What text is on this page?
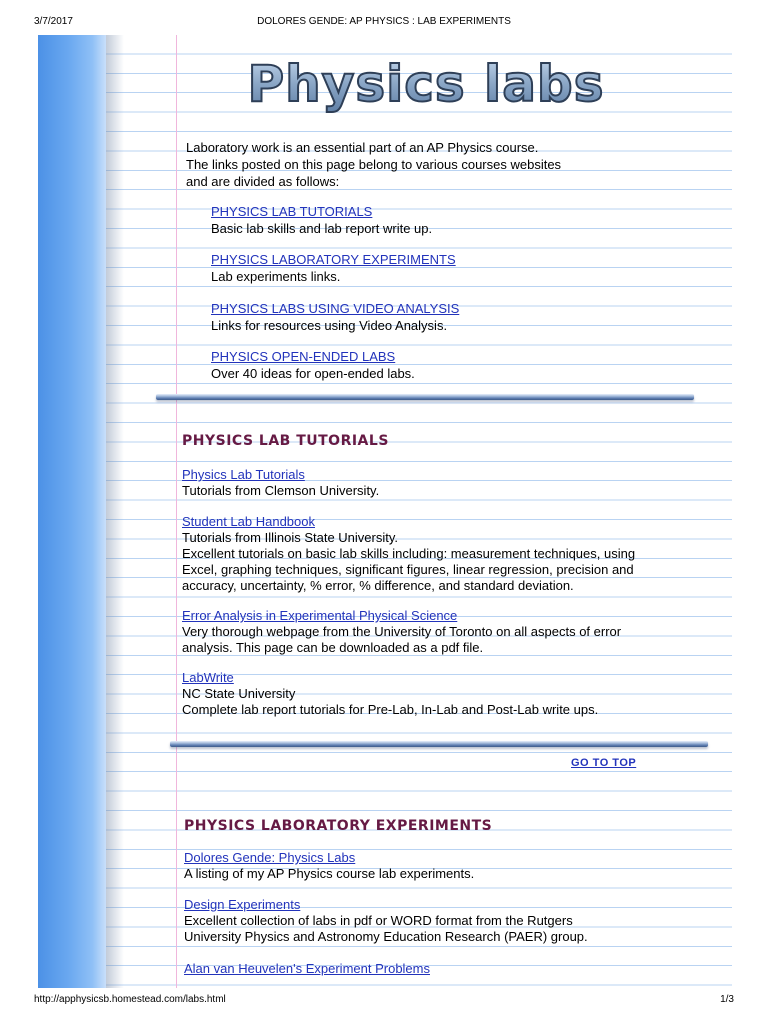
3/7/2017	DOLORES GENDE: AP PHYSICS : LAB EXPERIMENTS
Physics labs

Laboratory work is an essential part of an AP Physics course.

The links posted on this page belong to various courses websites

and are divided as follows:

PHYSICS LAB TUTORIALS
Basic lab skills and lab report write up.
PHYSICS LABORATORY EXPERIMENTS
Lab experiments links.
PHYSICS LABS USING VIDEO ANALYSIS
Links for resources using Video Analysis.
PHYSICS OPEN-ENDED LABS
Over 40 ideas for open-ended labs.
PHYSICS LAB TUTORIALS
Physics Lab Tutorials
Tutorials from Clemson University.
Student Lab Handbook
Tutorials from Illinois State University.
Excellent tutorials on basic lab skills including: measurement techniques, using
Excel, graphing techniques, significant figures, linear regression, precision and
accuracy, uncertainty, % error, % difference, and standard deviation.
Error Analysis in Experimental Physical Science
Very thorough webpage from the University of Toronto on all aspects of error
analysis. This page can be downloaded as a pdf file.
LabWrite
NC State University
Complete lab report tutorials for Pre-Lab, In-Lab and Post-Lab write ups.
GO TO TOP
PHYSICS LABORATORY EXPERIMENTS
Dolores Gende: Physics Labs
A listing of my AP Physics course lab experiments.
Design Experiments
Excellent collection of labs in pdf or WORD format from the Rutgers
University Physics and Astronomy Education Research (PAER) group.
Alan van Heuvelen's Experiment Problems
http://apphysicsb.homestead.com/labs.html	1/3
